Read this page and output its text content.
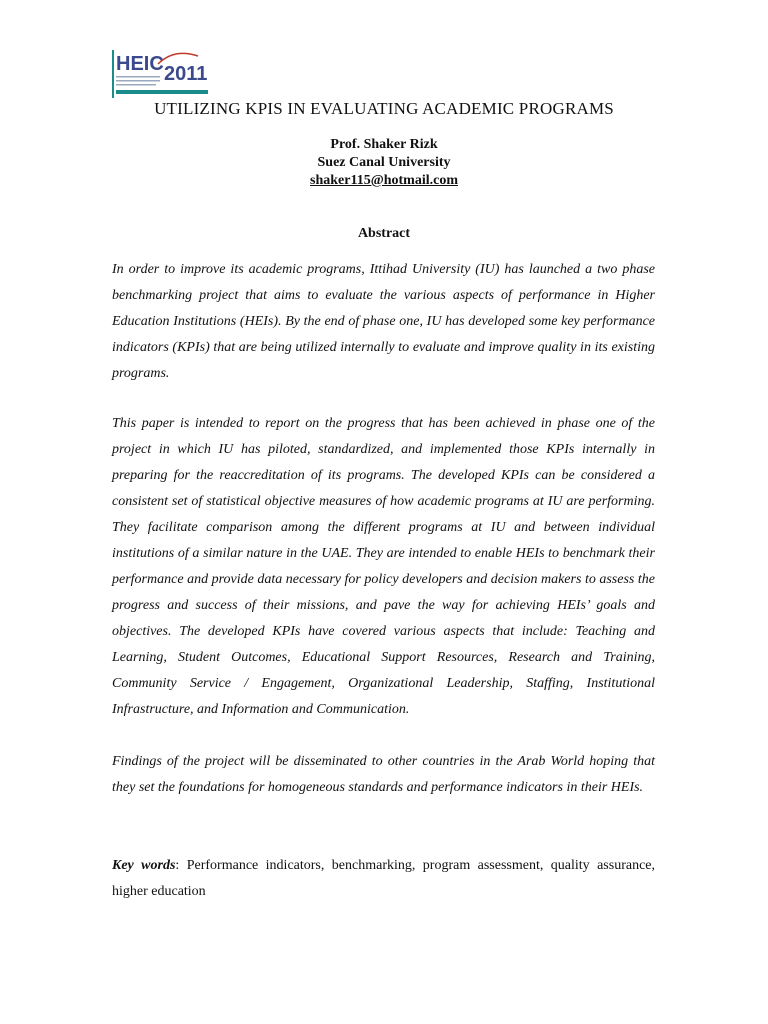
HEIC 2011
UTILIZING KPIS IN EVALUATING ACADEMIC PROGRAMS
Prof. Shaker Rizk
Suez Canal University
shaker115@hotmail.com
Abstract

In order to improve its academic programs, Ittihad University (IU) has launched a two phase benchmarking project that aims to evaluate the various aspects of performance in Higher Education Institutions (HEIs). By the end of phase one, IU has developed some key performance indicators (KPIs) that are being utilized internally to evaluate and improve quality in its existing programs.

This paper is intended to report on the progress that has been achieved in phase one of the project in which IU has piloted, standardized, and implemented those KPIs internally in preparing for the reaccreditation of its programs. The developed KPIs can be considered a consistent set of statistical objective measures of how academic programs at IU are performing. They facilitate comparison among the different programs at IU and between individual institutions of a similar nature in the UAE. They are intended to enable HEIs to benchmark their performance and provide data necessary for policy developers and decision makers to assess the progress and success of their missions, and pave the way for achieving HEIs’ goals and objectives. The developed KPIs have covered various aspects that include: Teaching and Learning, Student Outcomes, Educational Support Resources, Research and Training, Community Service / Engagement, Organizational Leadership, Staffing, Institutional Infrastructure, and Information and Communication.

Findings of the project will be disseminated to other countries in the Arab World hoping that they set the foundations for homogeneous standards and performance indicators in their HEIs.

Key words: Performance indicators, benchmarking, program assessment, quality assurance, higher education
